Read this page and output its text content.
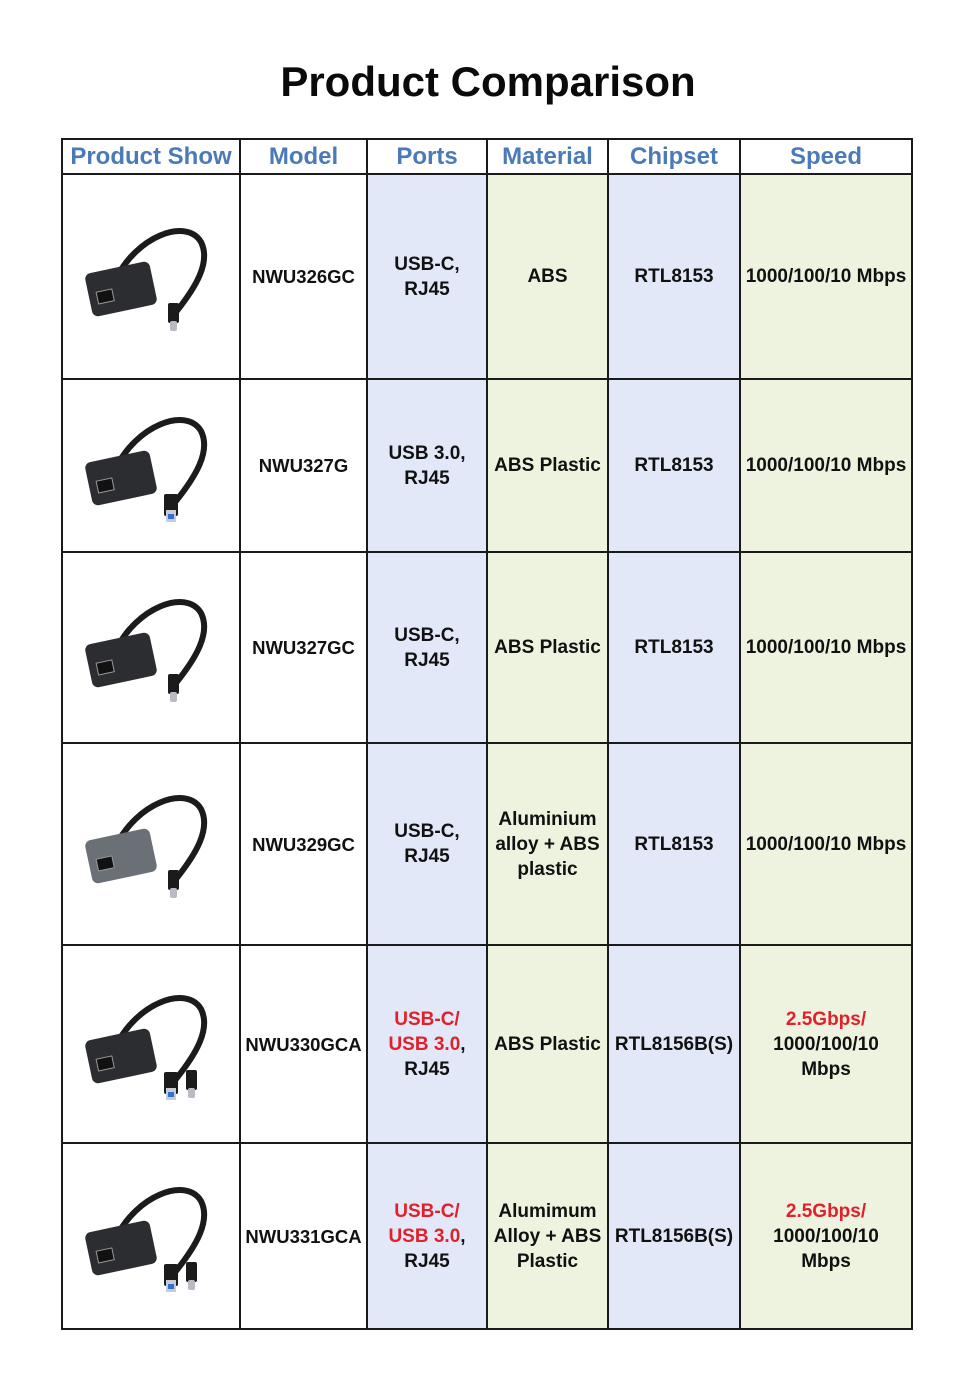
Product Comparison
Product Show	Model	Ports	Material	Chipset	Speed

	NWU326GC	USB-C,
RJ45	ABS	RTL8153	1000/100/10 Mbps

	NWU327G	USB 3.0,
RJ45	ABS Plastic	RTL8153	1000/100/10 Mbps

	NWU327GC	USB-C,
RJ45	ABS Plastic	RTL8153	1000/100/10 Mbps

	NWU329GC	USB-C,
RJ45	Aluminium
alloy + ABS
plastic	RTL8153	1000/100/10 Mbps

	NWU330GCA	USB-C/
USB 3.0,
RJ45	ABS Plastic	RTL8156B(S)	2.5Gbps/
1000/100/10
Mbps

	NWU331GCA	USB-C/
USB 3.0,
RJ45	Alumimum
Alloy + ABS
Plastic	RTL8156B(S)	2.5Gbps/
1000/100/10
Mbps
